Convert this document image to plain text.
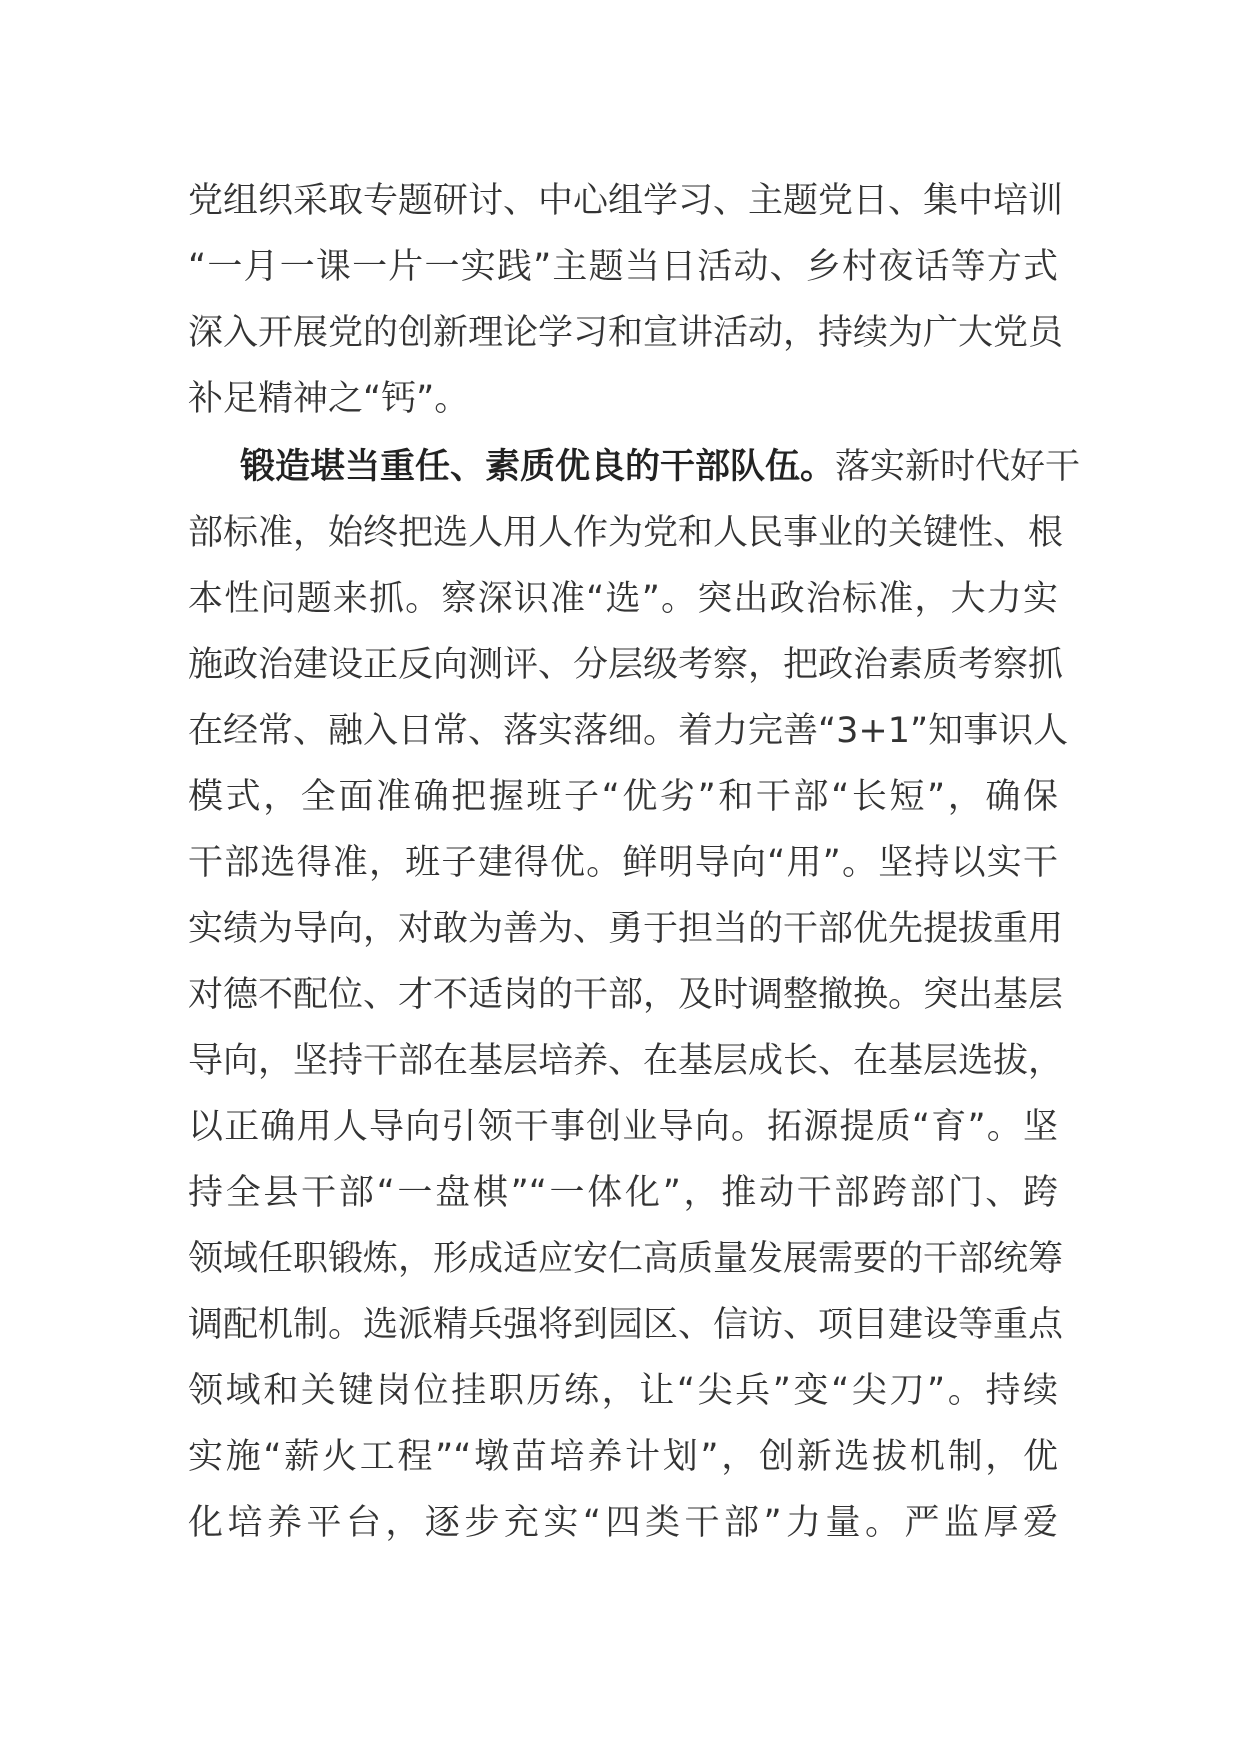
党组织采取专题研讨、中心组学习、主题党日、集中培训
“一月一课一片一实践”主题当日活动、乡村夜话等方式
深入开展党的创新理论学习和宣讲活动，持续为广大党员
补足精神之“钙”。
锻造堪当重任、素质优良的干部队伍。落实新时代好干
部标准，始终把选人用人作为党和人民事业的关键性、根
本性问题来抓。察深识准“选”。突出政治标准，大力实
施政治建设正反向测评、分层级考察，把政治素质考察抓
在经常、融入日常、落实落细。着力完善“3+1”知事识人
模式，全面准确把握班子“优劣”和干部“长短”，确保
干部选得准，班子建得优。鲜明导向“用”。坚持以实干
实绩为导向，对敢为善为、勇于担当的干部优先提拔重用
对德不配位、才不适岗的干部，及时调整撤换。突出基层
导向，坚持干部在基层培养、在基层成长、在基层选拔，
以正确用人导向引领干事创业导向。拓源提质“育”。坚
持全县干部“一盘棋”“一体化”，推动干部跨部门、跨
领域任职锻炼，形成适应安仁高质量发展需要的干部统筹
调配机制。选派精兵强将到园区、信访、项目建设等重点
领域和关键岗位挂职历练，让“尖兵”变“尖刀”。持续
实施“薪火工程”“墩苗培养计划”，创新选拔机制，优
化培养平台，逐步充实“四类干部”力量。严监厚爱
